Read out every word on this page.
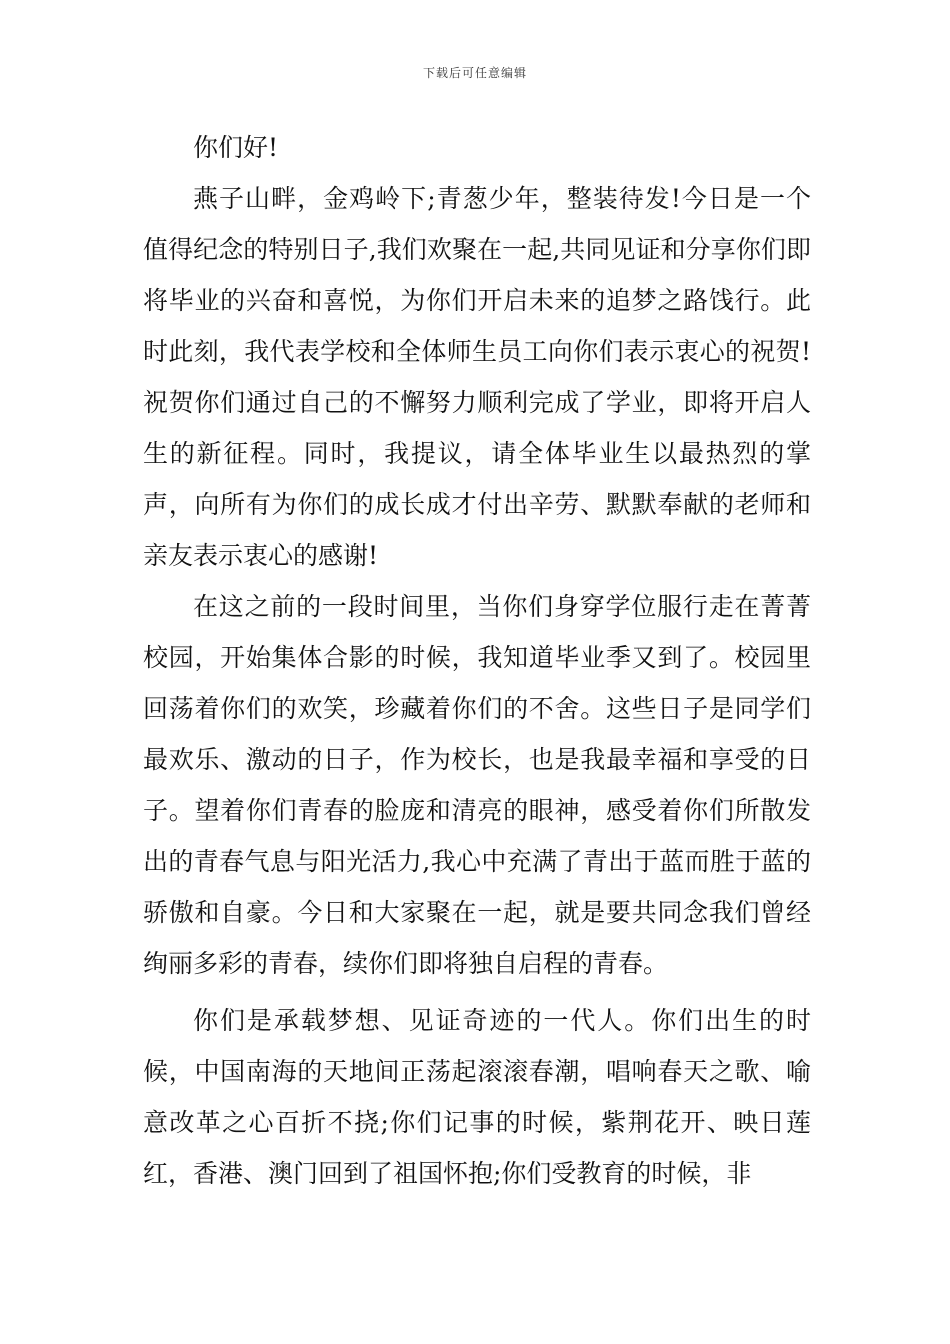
下载后可任意编辑

你们好!

燕子山畔，金鸡岭下;青葱少年，整装待发!今日是一个值得纪念的特别日子,我们欢聚在一起,共同见证和分享你们即将毕业的兴奋和喜悦，为你们开启未来的追梦之路饯行。此时此刻，我代表学校和全体师生员工向你们表示衷心的祝贺!祝贺你们通过自己的不懈努力顺利完成了学业，即将开启人生的新征程。同时，我提议，请全体毕业生以最热烈的掌声，向所有为你们的成长成才付出辛劳、默默奉献的老师和亲友表示衷心的感谢!

在这之前的一段时间里，当你们身穿学位服行走在菁菁校园，开始集体合影的时候，我知道毕业季又到了。校园里回荡着你们的欢笑，珍藏着你们的不舍。这些日子是同学们最欢乐、激动的日子，作为校长，也是我最幸福和享受的日子。望着你们青春的脸庞和清亮的眼神，感受着你们所散发出的青春气息与阳光活力,我心中充满了青出于蓝而胜于蓝的骄傲和自豪。今日和大家聚在一起，就是要共同念我们曾经绚丽多彩的青春，续你们即将独自启程的青春。

你们是承载梦想、见证奇迹的一代人。你们出生的时候，中国南海的天地间正荡起滚滚春潮，唱响春天之歌、喻意改革之心百折不挠;你们记事的时候，紫荆花开、映日莲红，香港、澳门回到了祖国怀抱;你们受教育的时候，非
